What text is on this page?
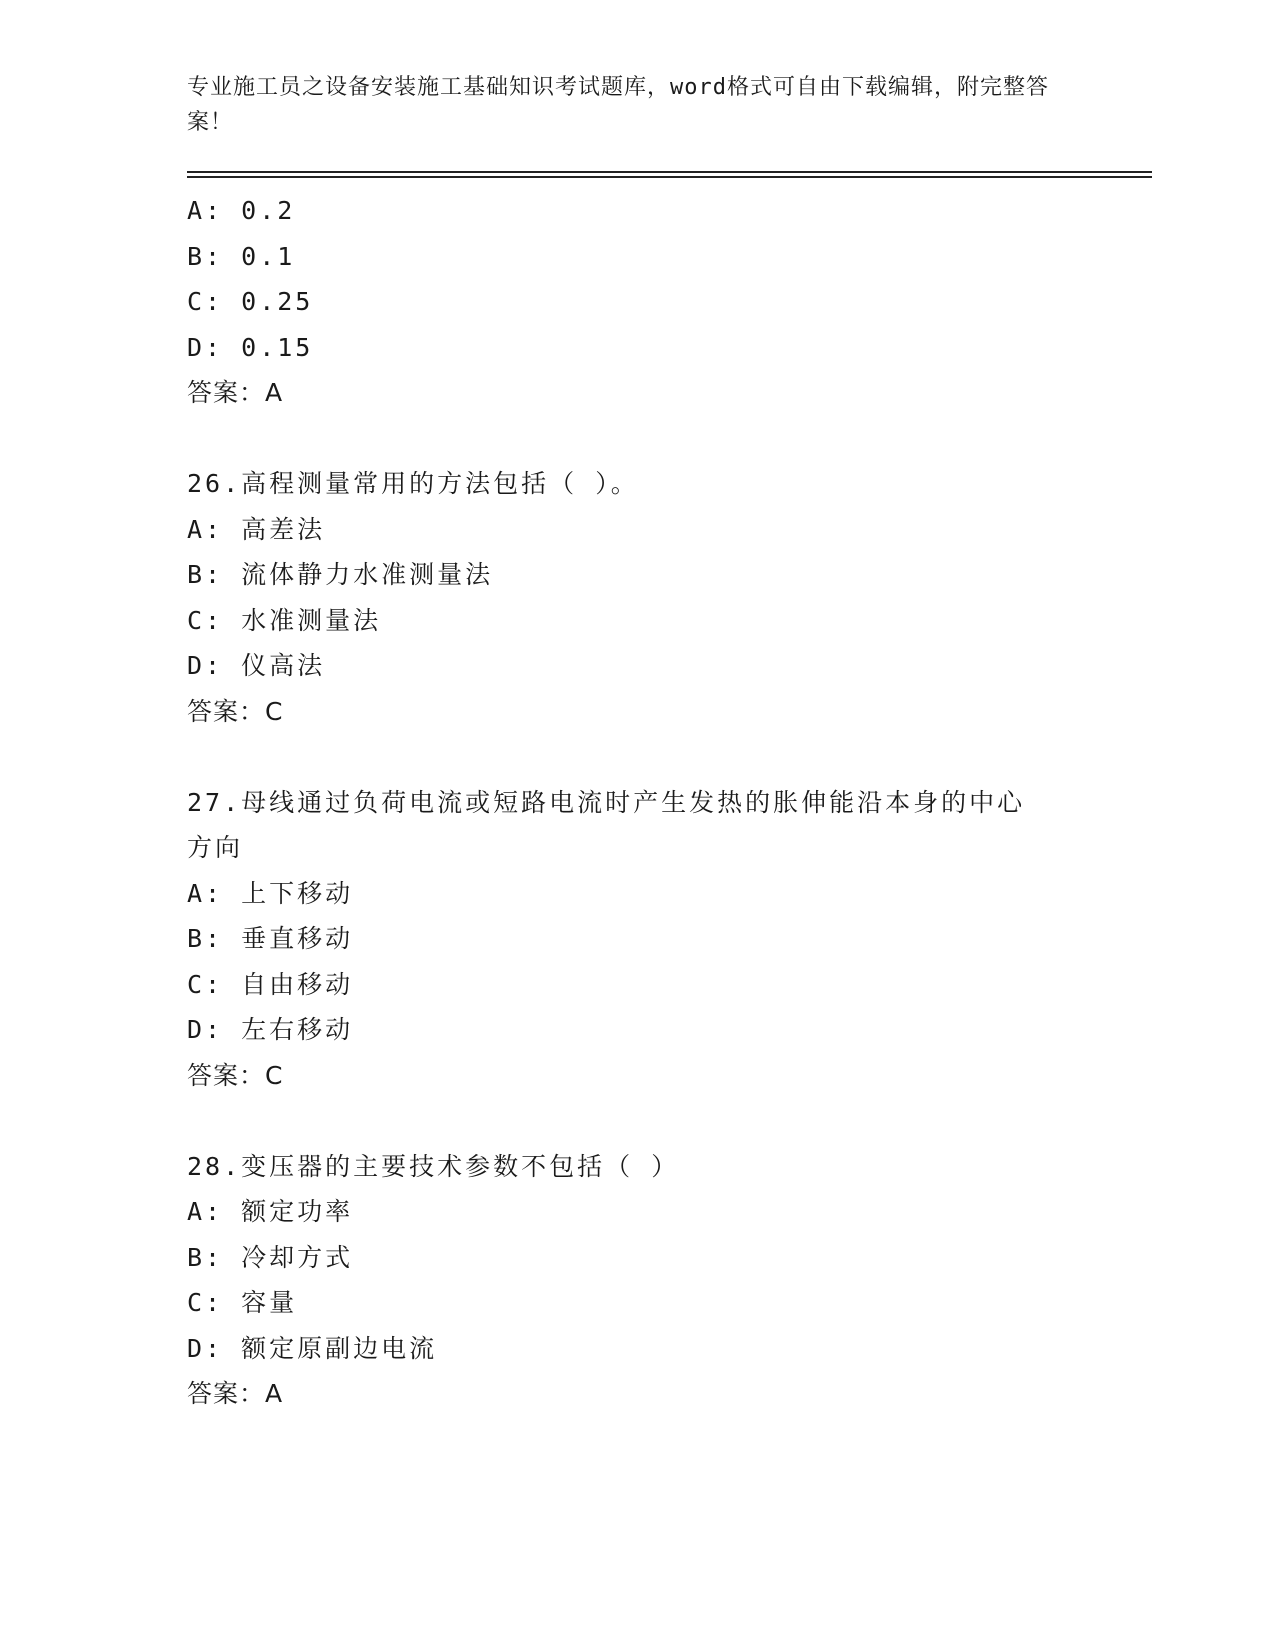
专业施工员之设备安装施工基础知识考试题库，word格式可自由下载编辑，附完整答案！
A: 0.2
B: 0.1
C: 0.25
D: 0.15
答案：A
26.高程测量常用的方法包括（ ）。
A: 高差法
B: 流体静力水准测量法
C: 水准测量法
D: 仪高法
答案：C
27.母线通过负荷电流或短路电流时产生发热的胀伸能沿本身的中心方向
A: 上下移动
B: 垂直移动
C: 自由移动
D: 左右移动
答案：C
28.变压器的主要技术参数不包括（ ）
A: 额定功率
B: 冷却方式
C: 容量
D: 额定原副边电流
答案：A
